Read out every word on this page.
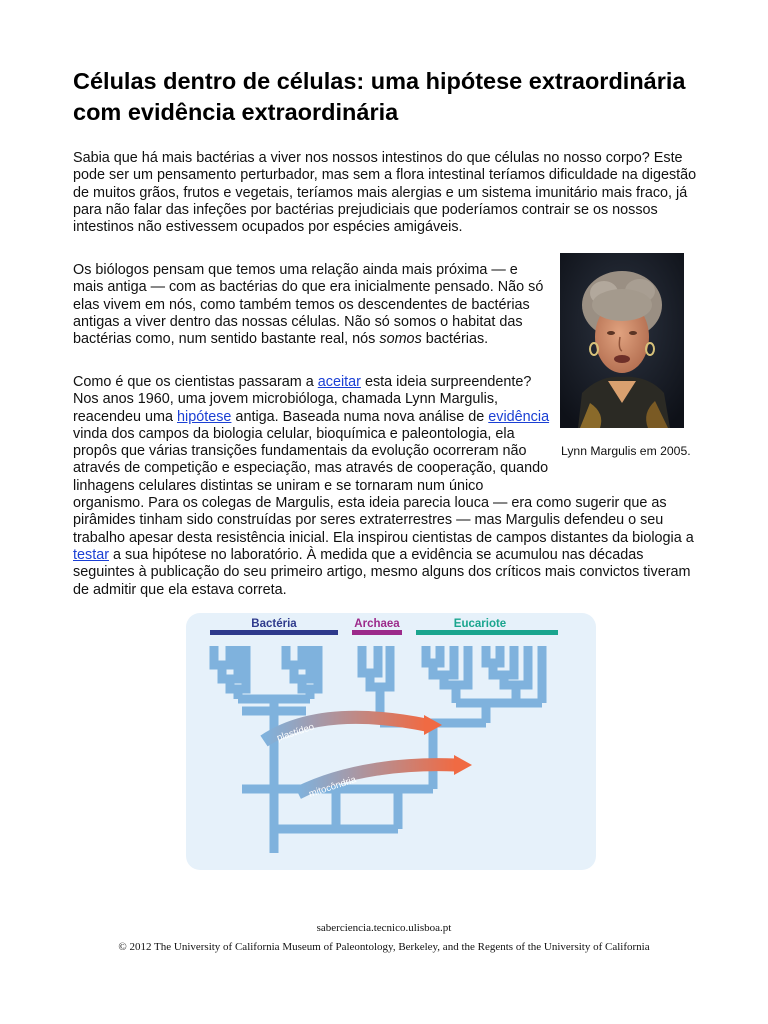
Células dentro de células: uma hipótese extraordinária com evidência extraordinária

Sabia que há mais bactérias a viver nos nossos intestinos do que células no nosso corpo? Este pode ser um pensamento perturbador, mas sem a flora intestinal teríamos dificuldade na digestão de muitos grãos, frutos e vegetais, teríamos mais alergias e um sistema imunitário mais fraco, já para não falar das infeções por bactérias prejudiciais que poderíamos contrair se os nossos intestinos não estivessem ocupados por espécies amigáveis.

Os biólogos pensam que temos uma relação ainda mais próxima — e mais antiga — com as bactérias do que era inicialmente pensado. Não só elas vivem em nós, como também temos os descendentes de bactérias antigas a viver dentro das nossas células. Não só somos o habitat das bactérias como, num sentido bastante real, nós somos bactérias.

Como é que os cientistas passaram a aceitar esta ideia surpreendente? Nos anos 1960, uma jovem microbióloga, chamada Lynn Margulis, reacendeu uma hipótese antiga. Baseada numa nova análise de evidência vinda dos campos da biologia celular, bioquímica e paleontologia, ela propôs que várias transições fundamentais da evolução ocorreram não através de competição e especiação, mas através de cooperação, quando linhagens celulares distintas se uniram e se tornaram num único organismo. Para os colegas de Margulis, esta ideia parecia louca — era como sugerir que as pirâmides tinham sido construídas por seres extraterrestres — mas Margulis defendeu o seu trabalho apesar desta resistência inicial. Ela inspirou cientistas de campos distantes da biologia a testar a sua hipótese no laboratório. À medida que a evidência se acumulou nas décadas seguintes à publicação do seu primeiro artigo, mesmo alguns dos críticos mais convictos tiveram de admitir que ela estava correta.

Lynn Margulis em 2005.
Bactéria	Archaea	Eucariote
plastídeo
mitocôndria
saberciencia.tecnico.ulisboa.pt
© 2012 The University of California Museum of Paleontology, Berkeley, and the Regents of the University of California
